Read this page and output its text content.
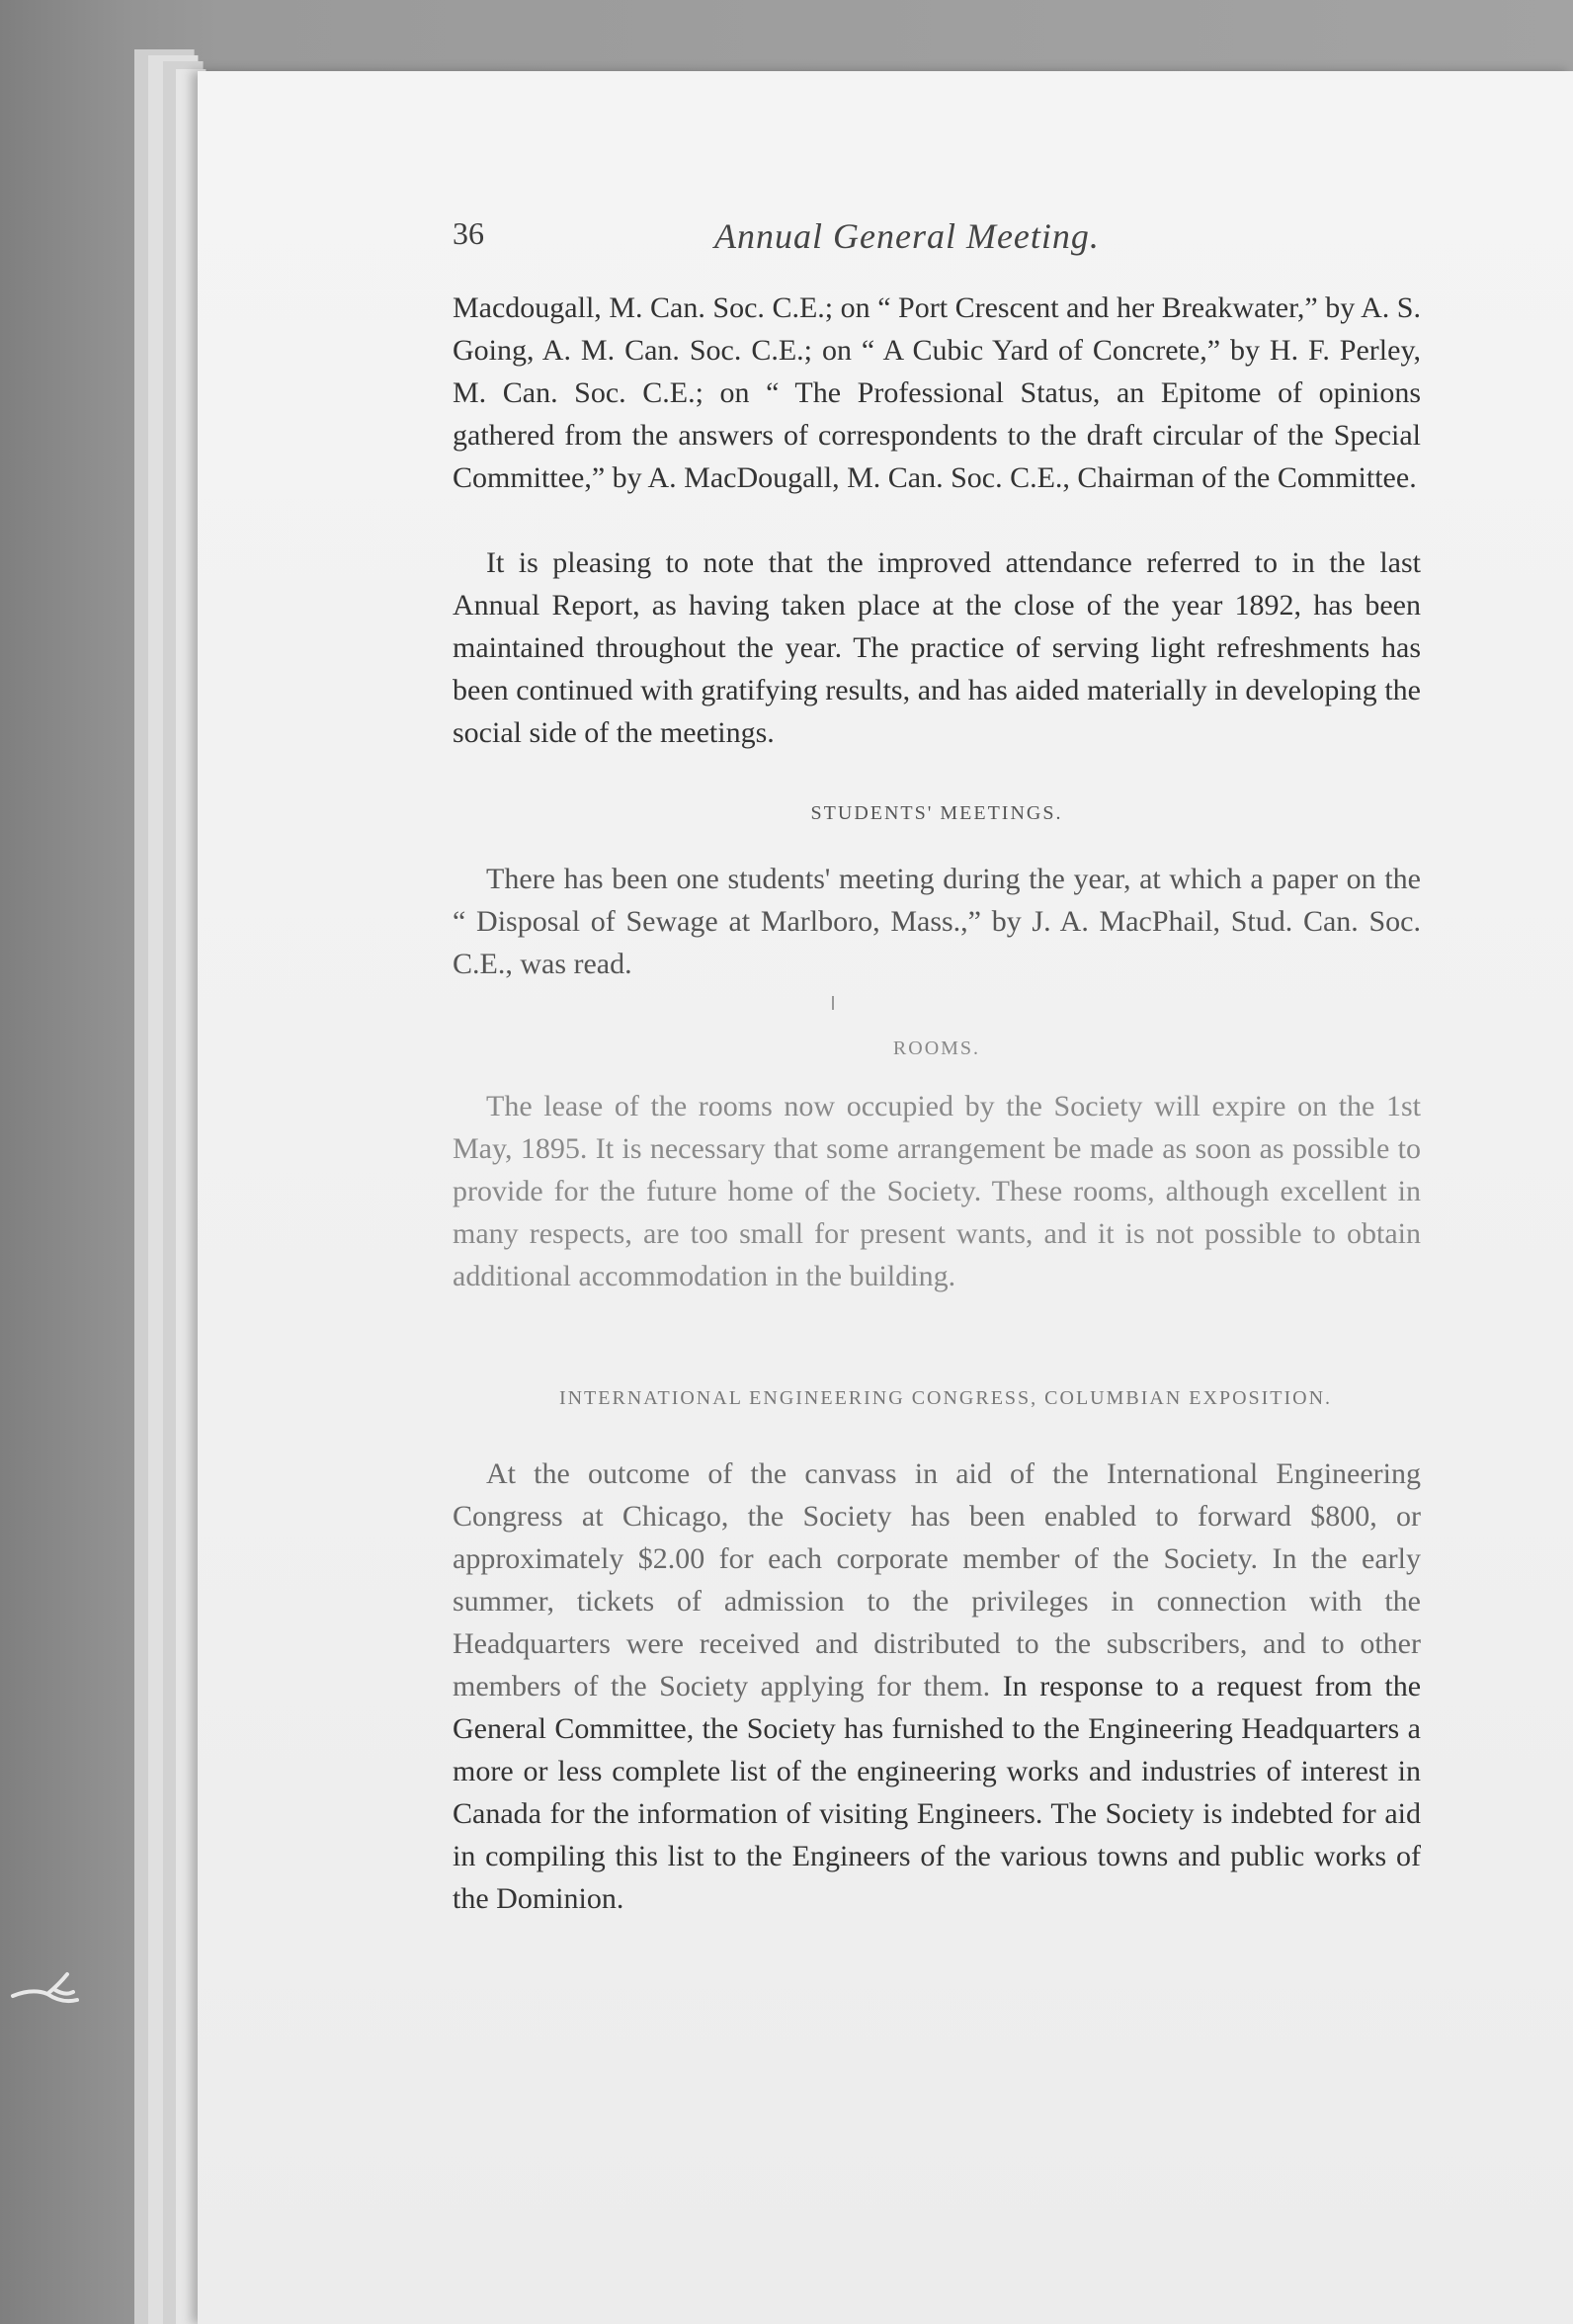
36	Annual General Meeting.

Macdougall, M. Can. Soc. C.E.; on “ Port Crescent and her Breakwater,” by A. S. Going, A. M. Can. Soc. C.E.; on “ A Cubic Yard of Concrete,” by H. F. Perley, M. Can. Soc. C.E.; on “ The Professional Status, an Epitome of opinions gathered from the answers of correspondents to the draft circular of the Special Committee,” by A. MacDougall, M. Can. Soc. C.E., Chairman of the Committee.

It is pleasing to note that the improved attendance referred to in the last Annual Report, as having taken place at the close of the year 1892, has been maintained throughout the year. The practice of serving light refreshments has been continued with gratifying results, and has aided materially in developing the social side of the meetings.

STUDENTS' MEETINGS.

There has been one students' meeting during the year, at which a paper on the “ Disposal of Sewage at Marlboro, Mass.,” by J. A. MacPhail, Stud. Can. Soc. C.E., was read.

ROOMS.

The lease of the rooms now occupied by the Society will expire on the 1st May, 1895. It is necessary that some arrangement be made as soon as possible to provide for the future home of the Society. These rooms, although excellent in many respects, are too small for present wants, and it is not possible to obtain additional accommodation in the building.

INTERNATIONAL ENGINEERING CONGRESS, COLUMBIAN EXPOSITION.

At the outcome of the canvass in aid of the International Engineering Congress at Chicago, the Society has been enabled to forward $800, or approximately $2.00 for each corporate member of the Society. In the early summer, tickets of admission to the privileges in connection with the Headquarters were received and distributed to the subscribers, and to other members of the Society applying for them. In response to a request from the General Committee, the Society has furnished to the Engineering Headquarters a more or less complete list of the engineering works and industries of interest in Canada for the information of visiting Engineers. The Society is indebted for aid in compiling this list to the Engineers of the various towns and public works of the Dominion.
